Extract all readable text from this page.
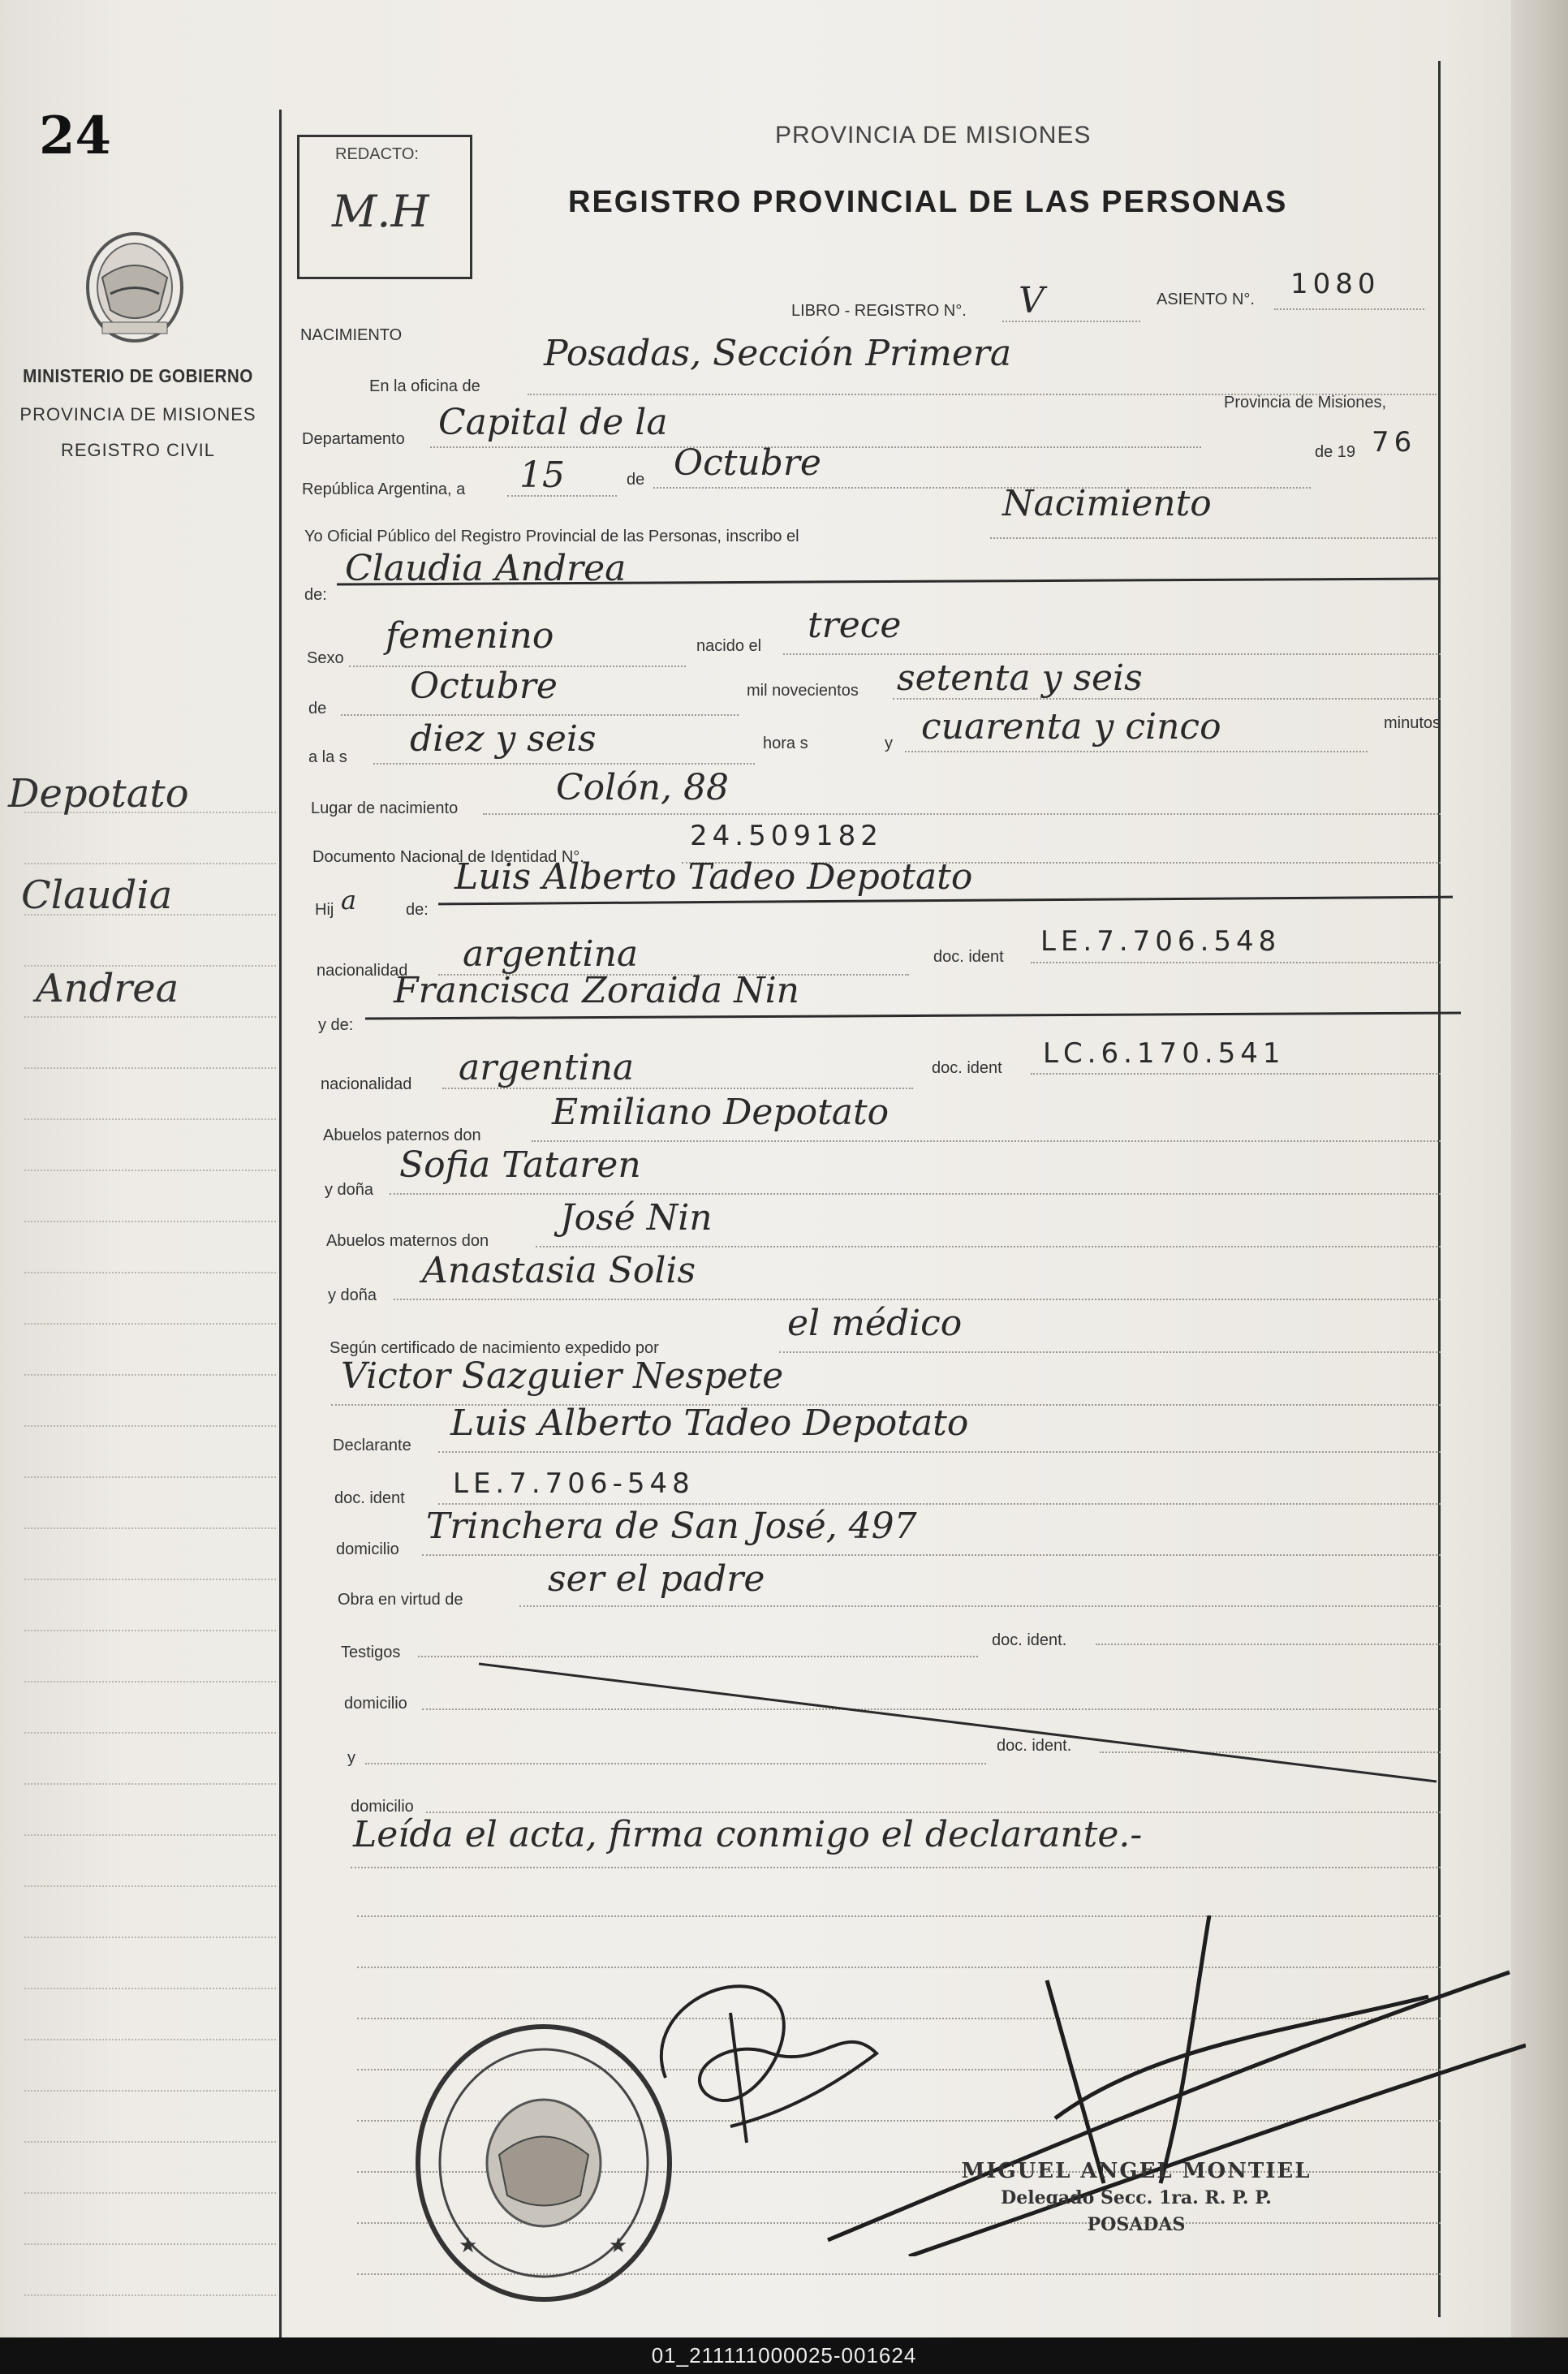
24
MINISTERIO DE GOBIERNO
PROVINCIA DE MISIONES
REGISTRO CIVIL
Depotato
Claudia
Andrea
REDACTO:
M.H
PROVINCIA DE MISIONES
REGISTRO PROVINCIAL DE LAS PERSONAS
NACIMIENTO
LIBRO - REGISTRO N°. V	ASIENTO N°. 1080
En la oficina de
Posadas, Sección Primera
Departamento Capital de la	Provincia de Misiones,
República Argentina, a 15	de Octubre	de 19 76
Yo Oficial Público del Registro Provincial de las Personas, inscribo el
Nacimiento
de:
Claudia Andrea
Sexo
femenino	nacido el trece
de
Octubre	mil novecientos setenta y seis
a la s diez y seis	hora s	y cuarenta y cinco	minutos
Lugar de nacimiento	Colón, 88
Documento Nacional de Identidad N°.
24.509182
Hij a	de:
Luis Alberto Tadeo Depotato
nacionalidad argentina	doc. ident LE.7.706.548
y de:
Francisca Zoraida Nin
nacionalidad argentina	doc. ident LC.6.170.541
Abuelos paternos don
Emiliano Depotato
y doña
Sofia Tataren
Abuelos maternos don
José Nin
y doña
Anastasia Solis
Según certificado de nacimiento expedido por
el médico
Victor Sazguier Nespete
Declarante
Luis Alberto Tadeo Depotato
doc. ident LE.7.706-548
domicilio
Trinchera de San José, 497
Obra en virtud de ser el padre
Testigos
doc. ident.
domicilio
y
doc. ident.
domicilio
Leída el acta, firma conmigo el declarante.-
★	★
MIGUEL ANGEL MONTIEL
Delegado Secc. 1ra. R. P. P.
POSADAS
01_211111000025-001624
